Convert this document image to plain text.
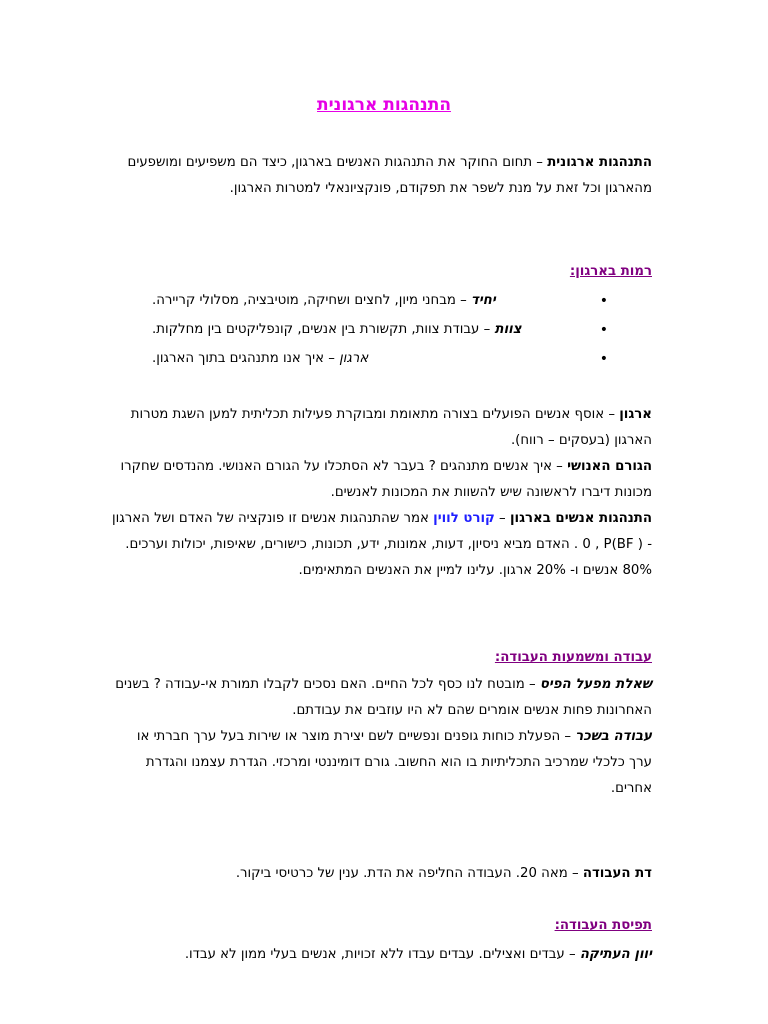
התנהגות ארגונית
התנהגות ארגונית – תחום החוקר את התנהגות האנשים בארגון, כיצד הם משפיעים ומושפעים מהארגון וכל זאת על מנת לשפר את תפקודם, פונקציונאלי למטרות הארגון.
רמות בארגון:
•
יחיד – מבחני מיון, לחצים ושחיקה, מוטיבציה, מסלולי קריירה.
•
צוות – עבודת צוות, תקשורת בין אנשים, קונפליקטים בין מחלקות.
•
ארגון – איך אנו מתנהגים בתוך הארגון.
ארגון – אוסף אנשים הפועלים בצורה מתאומת ומבוקרת פעילות תכליתית למען השגת מטרות הארגון (בעסקים – רווח).
הגורם האנושי – איך אנשים מתנהגים ? בעבר לא הסתכלו על הגורם האנושי. מהנדסים שחקרו מכונות דיברו לראשונה שיש להשוות את המכונות לאנשים.
התנהגות אנשים בארגון – קורט לווין אמר שהתנהגות אנשים זו פונקציה של האדם ושל הארגון - ( BF)0 , P . האדם מביא ניסיון, דעות, אמונות, ידע, תכונות, כישורים, שאיפות, יכולות וערכים. 80% אנשים ו- 20% ארגון. עלינו למיין את האנשים המתאימים.
עבודה ומשמעות העבודה:
שאלת מפעל הפיס – מובטח לנו כסף לכל החיים. האם נסכים לקבלו תמורת אי-עבודה ? בשנים האחרונות פחות אנשים אומרים שהם לא היו עוזבים את עבודתם.
עבודה בשכר – הפעלת כוחות גופנים ונפשיים לשם יצירת מוצר או שירות בעל ערך חברתי או ערך כלכלי שמרכיב התכליתיות בו הוא החשוב. גורם דומיננטי ומרכזי. הגדרת עצמנו והגדרת אחרים.
דת העבודה – מאה 20. העבודה החליפה את הדת. ענין של כרטיסי ביקור.
תפיסת העבודה:
יוון העתיקה – עבדים ואצילים. עבדים עבדו ללא זכויות, אנשים בעלי ממון לא עבדו.
